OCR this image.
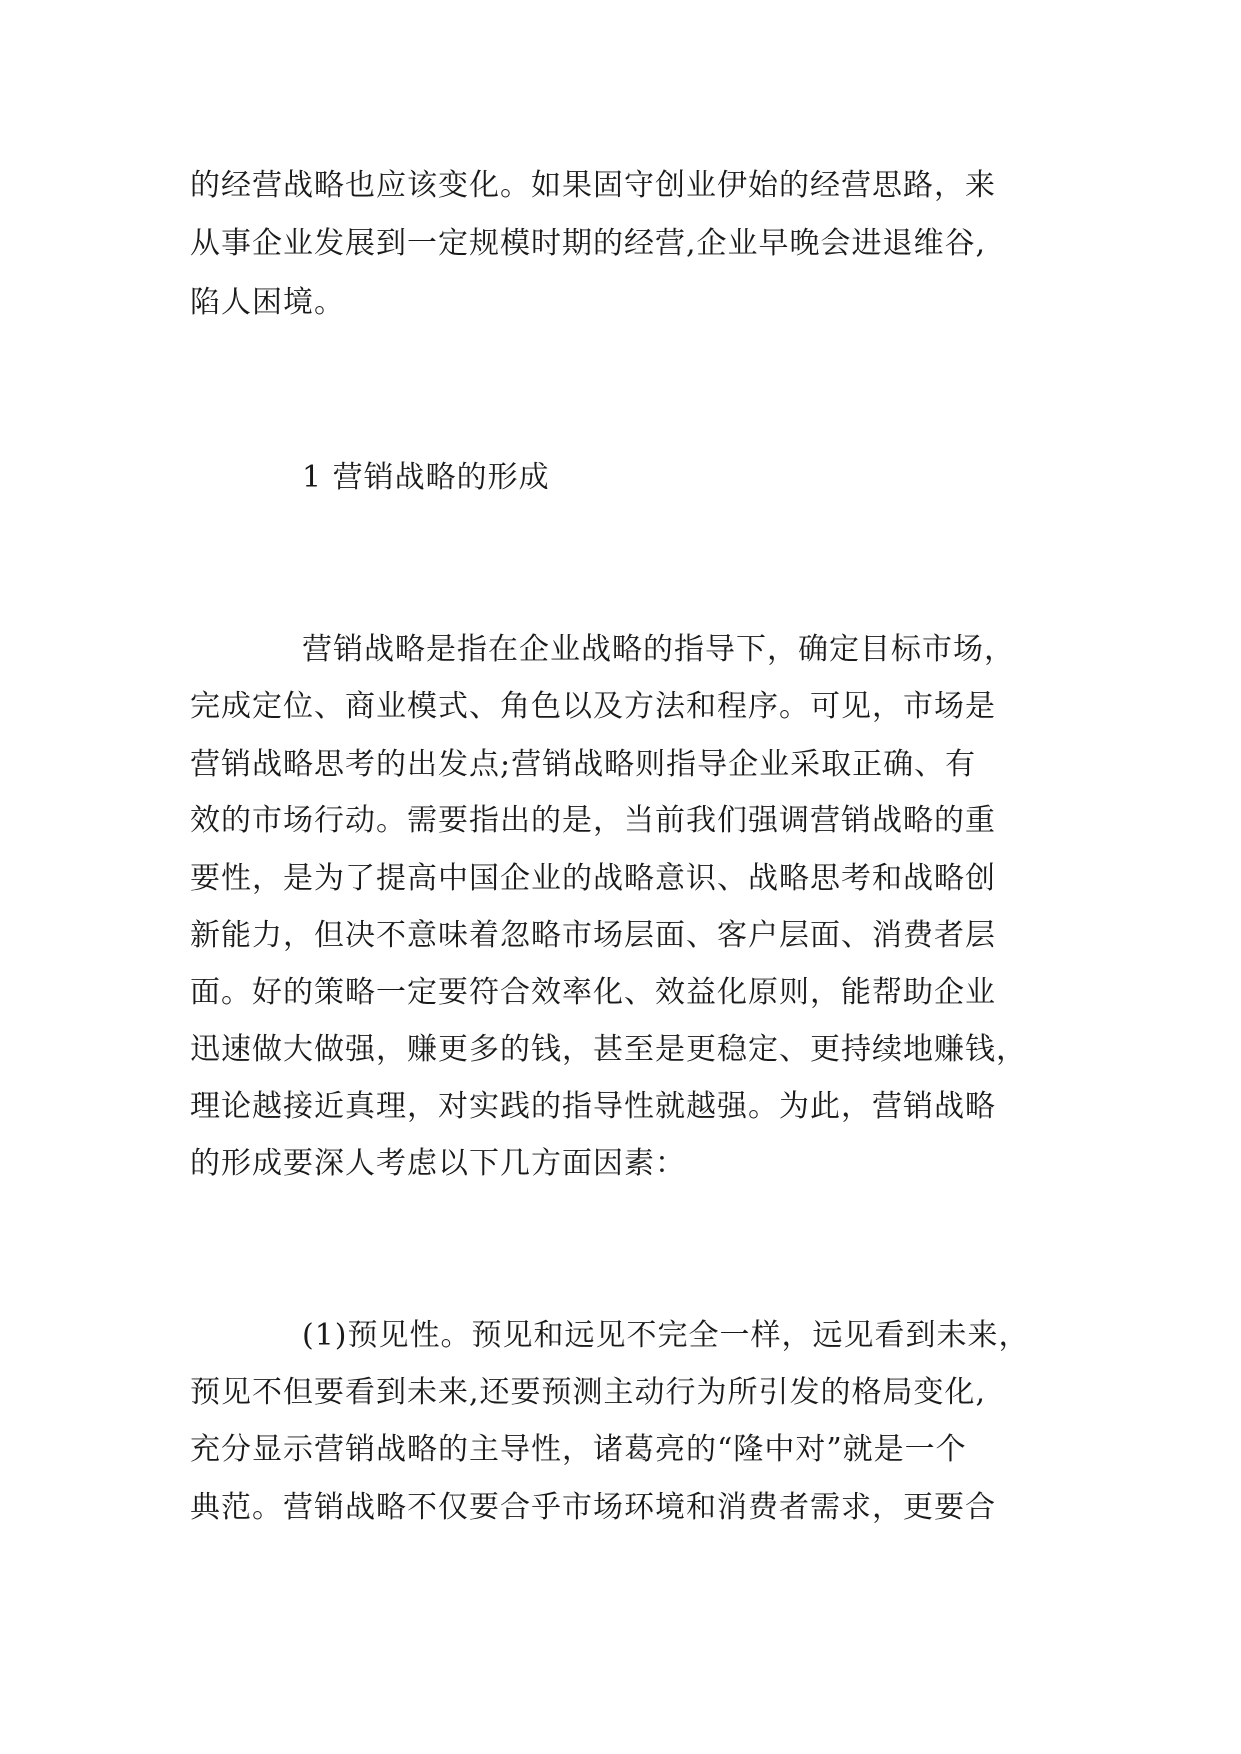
的经营战略也应该变化。如果固守创业伊始的经营思路，来
从事企业发展到一定规模时期的经营,企业早晚会进退维谷,
陷人困境。
1 营销战略的形成
营销战略是指在企业战略的指导下，确定目标市场，
完成定位、商业模式、角色以及方法和程序。可见，市场是
营销战略思考的出发点;营销战略则指导企业采取正确、有
效的市场行动。需要指出的是，当前我们强调营销战略的重
要性，是为了提高中国企业的战略意识、战略思考和战略创
新能力，但决不意味着忽略市场层面、客户层面、消费者层
面。好的策略一定要符合效率化、效益化原则，能帮助企业
迅速做大做强，赚更多的钱，甚至是更稳定、更持续地赚钱，
理论越接近真理，对实践的指导性就越强。为此，营销战略
的形成要深人考虑以下几方面因素：
(1)预见性。预见和远见不完全一样，远见看到未来，
预见不但要看到未来,还要预测主动行为所引发的格局变化,
充分显示营销战略的主导性，诸葛亮的“隆中对”就是一个
典范。营销战略不仅要合乎市场环境和消费者需求，更要合
